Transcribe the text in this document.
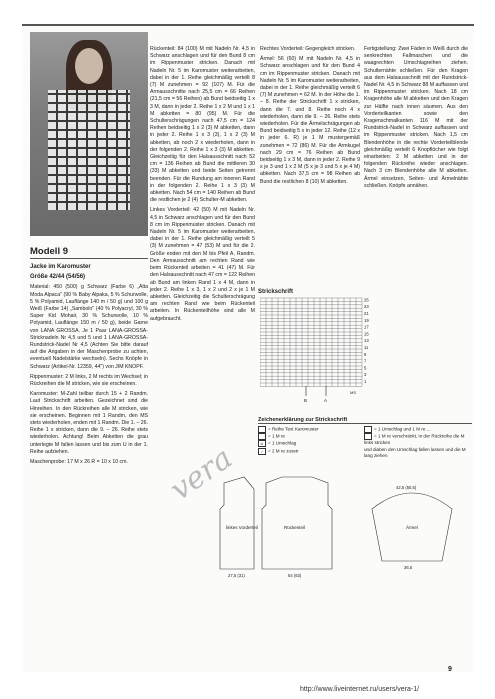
Modell 9

Jacke im Karomuster

Größe 42/44 (54/56)

Material: 450 (500) g Schwarz (Farbe 6) „Alta Moda Alpaca" (90 % Baby Alpaka, 5 % Schurwolle, 5 % Polyamid, Lauflänge 140 m / 50 g) und 100 g Weiß (Farbe 14) „Sambolo" (40 % Polyacryl, 30 % Super Kid Mohair, 30 % Schurwolle, 10 % Polyamid, Lauflänge 150 m / 50 g), beide Garne von LANA GROSSA. Je 1 Paar LANA-GROSSA-Stricknadeln Nr 4,5 und 5 und 1 LANA-GROSSA-Rundstrick-Nadel Nr 4,5 (Achten Sie bitte darauf auf die Angaben in der Maschenprobe zu achten, eventuell Nadelstärke wechseln). Sechs Knöpfe in Schwarz (Artikel-Nr. 12359, 44") von JIM KNOPF.

Rippenmuster: 2 M links, 2 M rechts im Wechsel; in Rückreihen die M stricken, wie sie erscheinen.

Karomuster: M-Zahl teilbar durch 15 + 2 Randm. Laut Strickschrift arbeiten. Gezeichnet sind die Hinreihen. In den Rückreihen alle M stricken, wie sie erscheinen. Beginnen mit 1 Randm, den MS stets wiederholen, enden mit 1 Randm. Die 1. – 26. Reihe 1 x stricken, dann die 9. – 26. Reihe stets wiederholen. Achtung! Beim Abketten die grau unterlegte M fallen lassen und bis zum U in der 1. Reihe aufziehen.

Maschenprobe: 17 M x 26 R = 10 x 10 cm.

Rückenteil: 84 (100) M mit Nadeln Nr. 4,5 in Schwarz anschlagen und für den Bund 8 cm im Rippenmuster stricken. Danach mit Nadeln Nr. 5 im Karomuster weiterarbeiten, dabei in der 1. Reihe gleichmäßig verteilt 8 (7) M zunehmen = 92 (107) M. Für die Armausschnitte nach 25,5 cm = 66 Reihen (21,5 cm = 56 Reihen) ab Bund beidseitig 1 x 3 M, dann in jeder 2. Reihe 1 x 2 M und 1 x 1 M abketten = 80 (95) M. Für die Schulterschrägungen nach 47,5 cm = 124 Reihen beidseitig 1 x 2 (3) M abketten, dann in jeder 2. Reihe 1 x 3 (3), 1 x 2 (3) M abketten, ab noch 2 x wiederholen, dann in der folgenden 2. Reihe 1 x 3 (3) M abketten. Gleichzeitig für den Halsausschnitt nach 52 cm = 136 Reihen ab Bund die mittleren 30 (33) M abketten und beide Seiten getrennt beenden. Für die Rundung am inneren Rand in der folgenden 2. Reihe 1 x 3 (3) M abketten. Nach 54 cm = 140 Reihen ab Bund die restlichen je 2 (4) Schulter-M abketten.

Linkes Vorderteil: 42 (50) M mit Nadeln Nr. 4,5 in Schwarz anschlagen und für den Bund 8 cm im Rippenmuster stricken. Danach mit Nadeln Nr. 5 im Karomuster weiterarbeiten, dabei in der 1. Reihe gleichmäßig verteilt 5 (3) M zunehmen = 47 (53) M und für die 2. Größe enden mit den M bis Pfeil A, Randm. Den Armausschnitt am rechten Rand wie beim Rückenteil arbeiten = 41 (47) M. Für den Halsausschnitt nach 47 cm = 122 Reihen ab Bund am linken Rand 1 x 4 M, dann in jeder 2. Reihe 1 x 3, 1 x 2 und 2 x je 1 M abketten. Gleichzeitig die Schulterschrägung am rechten Rand wie beim Rückenteil arbeiten. In Rückenteilhöhe sind alle M aufgebraucht.

Rechtes Vorderteil: Gegengleich stricken.

Ärmel: 56 (60) M mit Nadeln Nr. 4,5 in Schwarz anschlagen und für den Bund 4 cm im Rippenmuster stricken. Danach mit Nadeln Nr. 5 im Karomuster weiterarbeiten, dabei in der 1. Reihe gleichmäßig verteilt 6 (7) M zunehmen = 62 M. In der Höhe die 1. – 8. Reihe der Strickschrift 1 x stricken, dann die 7. und 8. Reihe noch 4 x wiederholen, dann die 9. – 26. Reihe stets wiederholen. Für die Ärmelschrägungen ab Bund beidseitig 5 x in jeder 12. Reihe (12 x in jeder 6. R) je 1 M mustergemäß zunehmen = 72 (86) M. Für die Armkugel nach 29 cm = 76 Reihen ab Bund beidseitig 1 x 3 M, dann in jeder 2. Reihe 9 x je 3 und 1 x 2 M (5 x je 3 und 5 x je 4 M) abketten. Nach 37,5 cm = 98 Reihen ab Bund die restlichen 8 (10) M abketten.

Fertigstellung: Zwei Fäden in Weiß durch die senkrechten Fallmaschen und die waagrechten Umschlagreihen ziehen. Schulternähte schließen. Für den Kragen aus dem Halsausschnitt mit der Rundstrick-Nadel Nr. 4,5 in Schwarz 88 M auffassen und im Rippenmuster stricken. Nach 18 cm Kragenhöhe alle M abketten und den Kragen zur Hälfte nach innen säumen. Aus den Vorderteilkanten sowie den Kragenschmalkanten 116 M mit der Rundstrick-Nadel in Schwarz auffassen und im Rippenmuster stricken. Nach 1,5 cm Blendenhöhe in die rechte Vorderteilblende gleichmäßig verteilt 6 Knopflöcher wie folgt einarbeiten: 2 M abketten und in der folgenden Rückreihe wieder anschlagen. Nach 3 cm Blendenhöhe alle M abketten. Ärmel einsetzen, Seiten- und Ärmelnähte schließen. Knöpfe annähen.

Strickschrift
25
23
21
19
17
15
13
11
9
7
5
3
1
B	A
MS
Zeichenerklärung zur Strickschrift
= Reihe Text Karomuster
= 1 M re
U = 1 Umschlag
/ = 2 M re zusstr
= 1 Umschlag und 1 M re ...
= 1 M re verschränkt, in der Rückreihe die M links stricken
und diaben den Umschlag fallen lassen und die M lang ziehen
linkes Vorderteil
27,5 (31)
Rückenteil
54 (63)
Ärmel
36,5
42,5 (50,5)
vera
9
http://www.liveinternet.ru/users/vera-1/
